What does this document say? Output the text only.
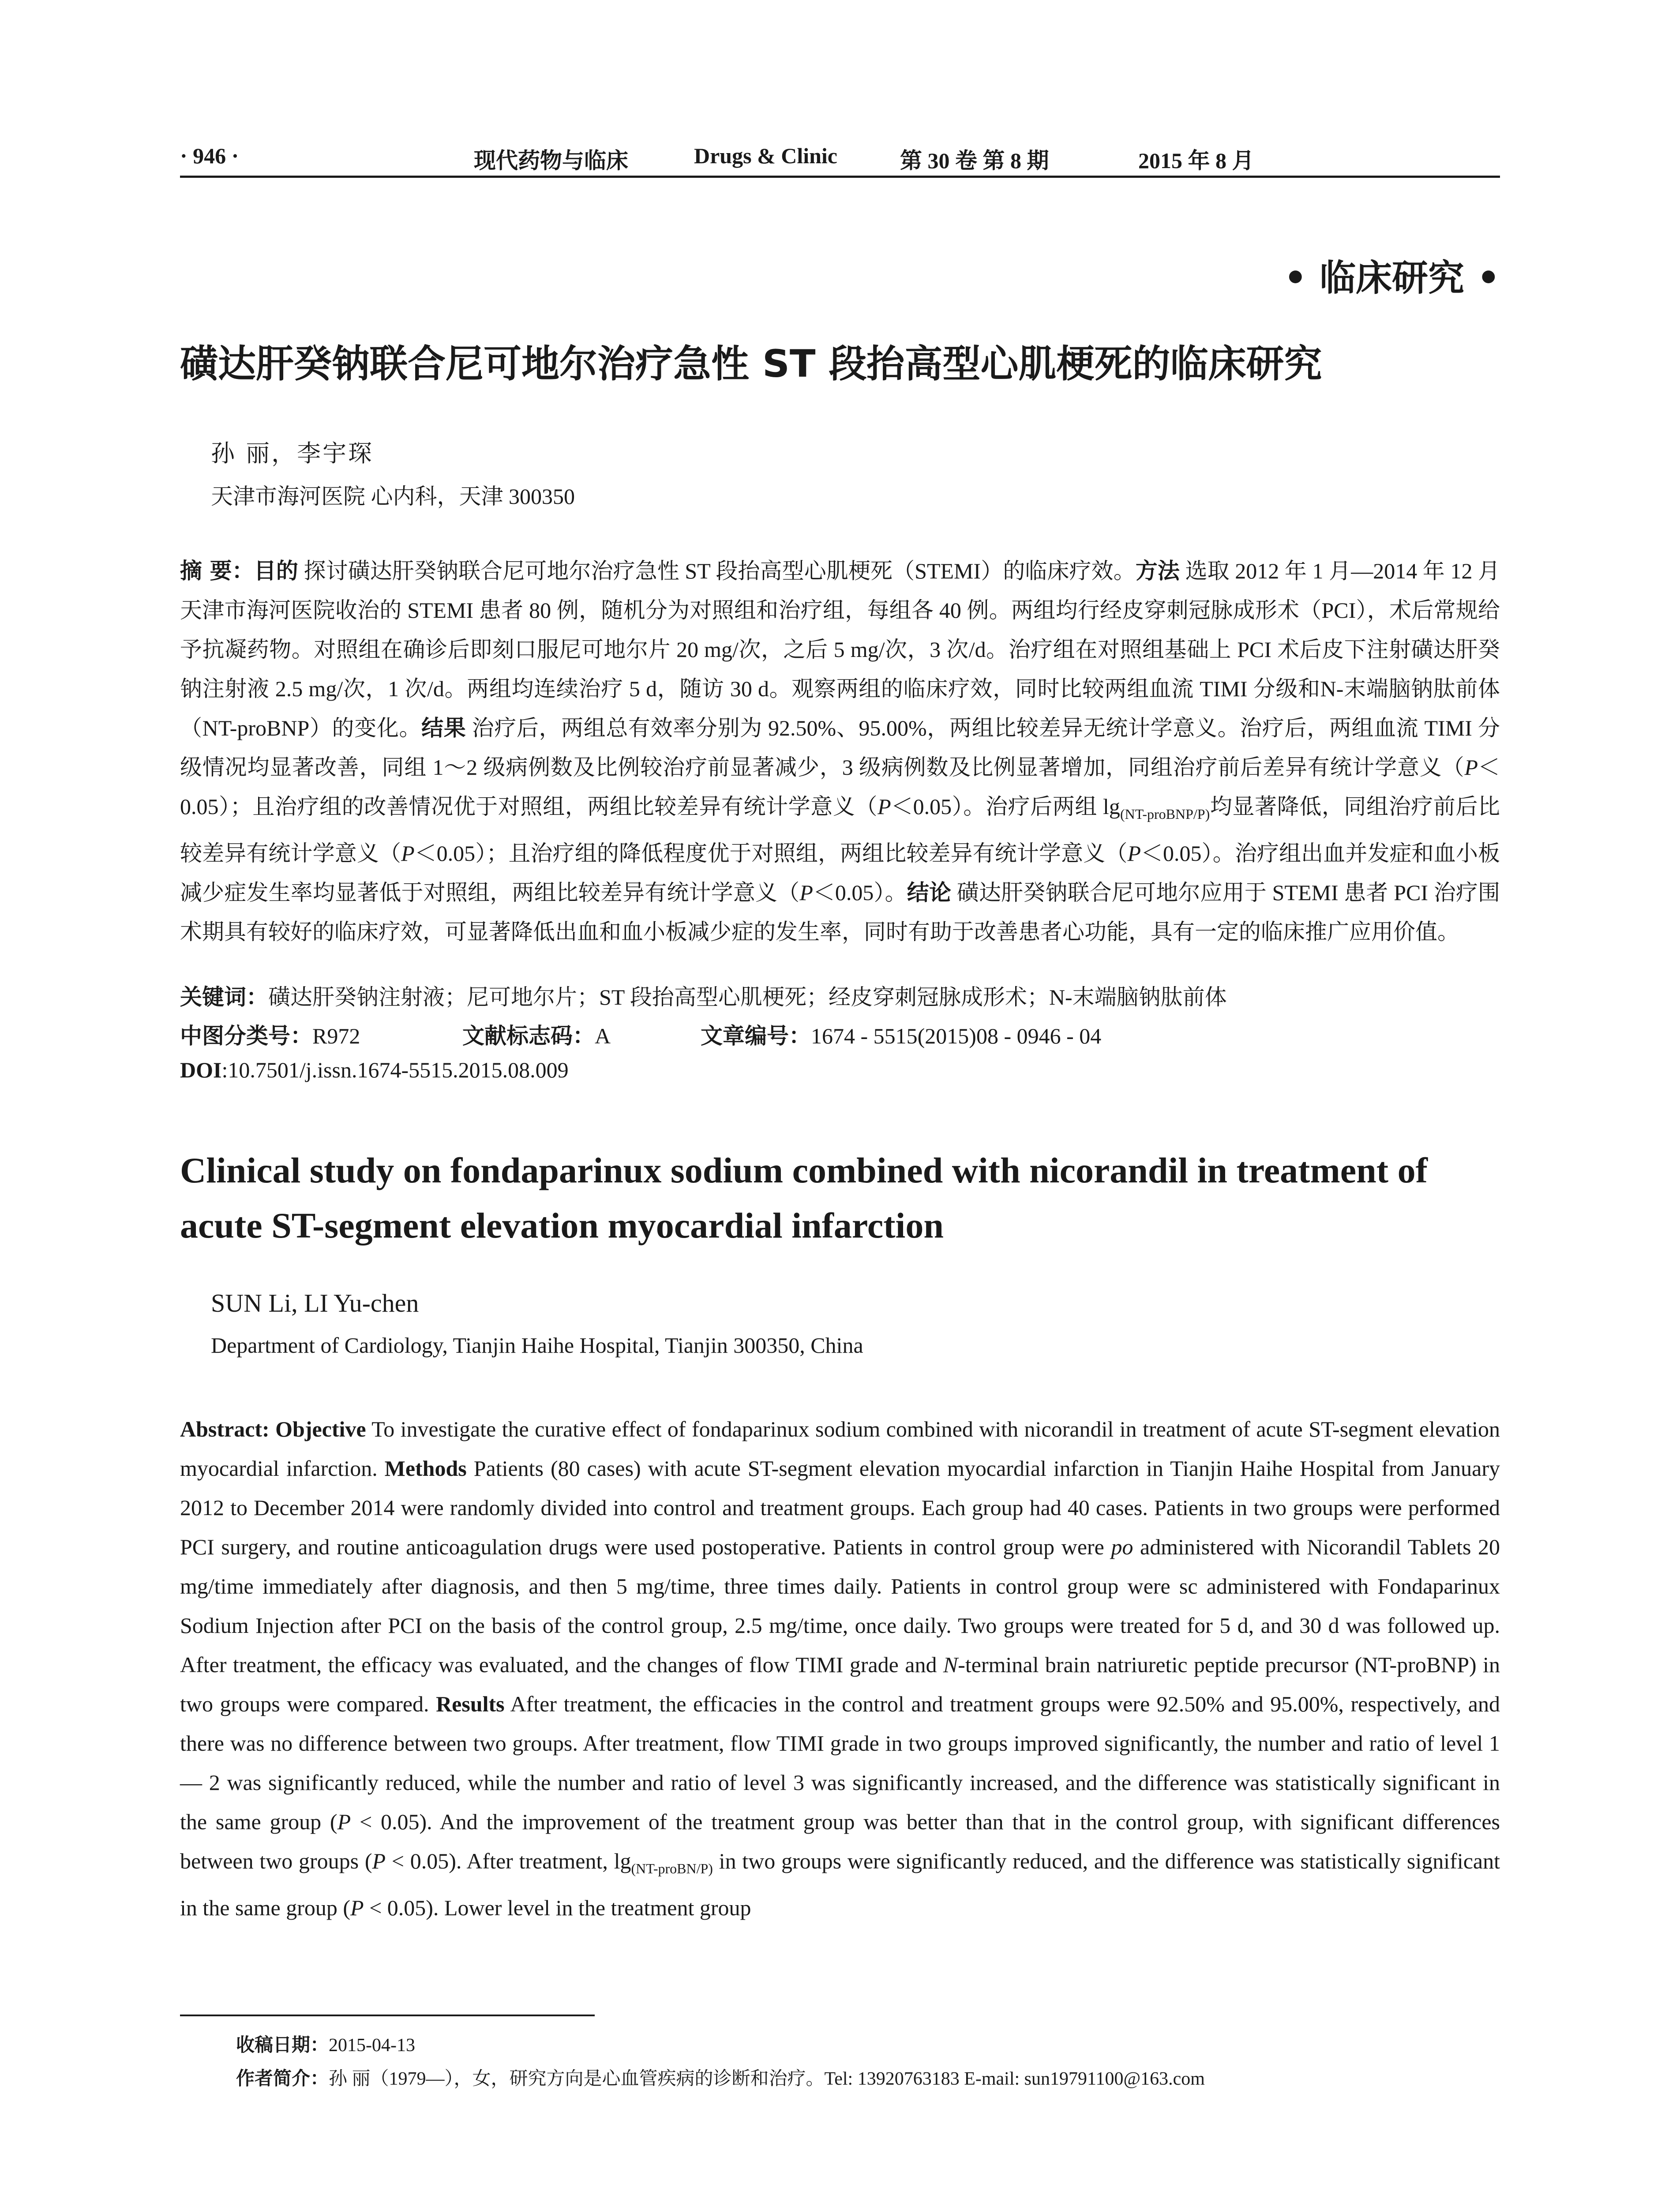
· 946 ·	现代药物与临床	Drugs & Clinic	第 30 卷 第 8 期	2015 年 8 月
• 临床研究 •
磺达肝癸钠联合尼可地尔治疗急性 ST 段抬高型心肌梗死的临床研究
孙 丽，李宇琛
天津市海河医院 心内科，天津 300350
摘 要：目的 探讨磺达肝癸钠联合尼可地尔治疗急性 ST 段抬高型心肌梗死（STEMI）的临床疗效。方法 选取 2012 年 1 月—2014 年 12 月天津市海河医院收治的 STEMI 患者 80 例，随机分为对照组和治疗组，每组各 40 例。两组均行经皮穿刺冠脉成形术（PCI），术后常规给予抗凝药物。对照组在确诊后即刻口服尼可地尔片 20 mg/次，之后 5 mg/次，3 次/d。治疗组在对照组基础上 PCI 术后皮下注射磺达肝癸钠注射液 2.5 mg/次，1 次/d。两组均连续治疗 5 d，随访 30 d。观察两组的临床疗效，同时比较两组血流 TIMI 分级和N-末端脑钠肽前体（NT-proBNP）的变化。结果 治疗后，两组总有效率分别为 92.50%、95.00%，两组比较差异无统计学意义。治疗后，两组血流 TIMI 分级情况均显著改善，同组 1～2 级病例数及比例较治疗前显著减少，3 级病例数及比例显著增加，同组治疗前后差异有统计学意义（P＜0.05）；且治疗组的改善情况优于对照组，两组比较差异有统计学意义（P＜0.05）。治疗后两组 $\lg_{(NT-proBNP/P)}$均显著降低，同组治疗前后比较差异有统计学意义（P＜0.05）；且治疗组的降低程度优于对照组，两组比较差异有统计学意义（P＜0.05）。治疗组出血并发症和血小板减少症发生率均显著低于对照组，两组比较差异有统计学意义（P＜0.05）。结论 磺达肝癸钠联合尼可地尔应用于 STEMI 患者 PCI 治疗围术期具有较好的临床疗效，可显著降低出血和血小板减少症的发生率，同时有助于改善患者心功能，具有一定的临床推广应用价值。
关键词：磺达肝癸钠注射液；尼可地尔片；ST 段抬高型心肌梗死；经皮穿刺冠脉成形术；N-末端脑钠肽前体
中图分类号：R972	文献标志码：A	文章编号：1674 - 5515(2015)08 - 0946 - 04
DOI:10.7501/j.issn.1674-5515.2015.08.009
Clinical study on fondaparinux sodium combined with nicorandil in treatment of acute ST-segment elevation myocardial infarction
SUN Li, LI Yu-chen
Department of Cardiology, Tianjin Haihe Hospital, Tianjin 300350, China
Abstract: Objective To investigate the curative effect of fondaparinux sodium combined with nicorandil in treatment of acute ST-segment elevation myocardial infarction. Methods Patients (80 cases) with acute ST-segment elevation myocardial infarction in Tianjin Haihe Hospital from January 2012 to December 2014 were randomly divided into control and treatment groups. Each group had 40 cases. Patients in two groups were performed PCI surgery, and routine anticoagulation drugs were used postoperative. Patients in control group were po administered with Nicorandil Tablets 20 mg/time immediately after diagnosis, and then 5 mg/time, three times daily. Patients in control group were sc administered with Fondaparinux Sodium Injection after PCI on the basis of the control group, 2.5 mg/time, once daily. Two groups were treated for 5 d, and 30 d was followed up. After treatment, the efficacy was evaluated, and the changes of flow TIMI grade and N-terminal brain natriuretic peptide precursor (NT-proBNP) in two groups were compared. Results After treatment, the efficacies in the control and treatment groups were 92.50% and 95.00%, respectively, and there was no difference between two groups. After treatment, flow TIMI grade in two groups improved significantly, the number and ratio of level 1 — 2 was significantly reduced, while the number and ratio of level 3 was significantly increased, and the difference was statistically significant in the same group (P < 0.05). And the improvement of the treatment group was better than that in the control group, with significant differences between two groups (P < 0.05). After treatment, $\lg_{(NT-proBN/P)}$ in two groups were significantly reduced, and the difference was statistically significant in the same group (P < 0.05). Lower level in the treatment group
收稿日期：2015-04-13
作者简介：孙 丽（1979—），女，研究方向是心血管疾病的诊断和治疗。Tel: 13920763183 E-mail: sun19791100@163.com
